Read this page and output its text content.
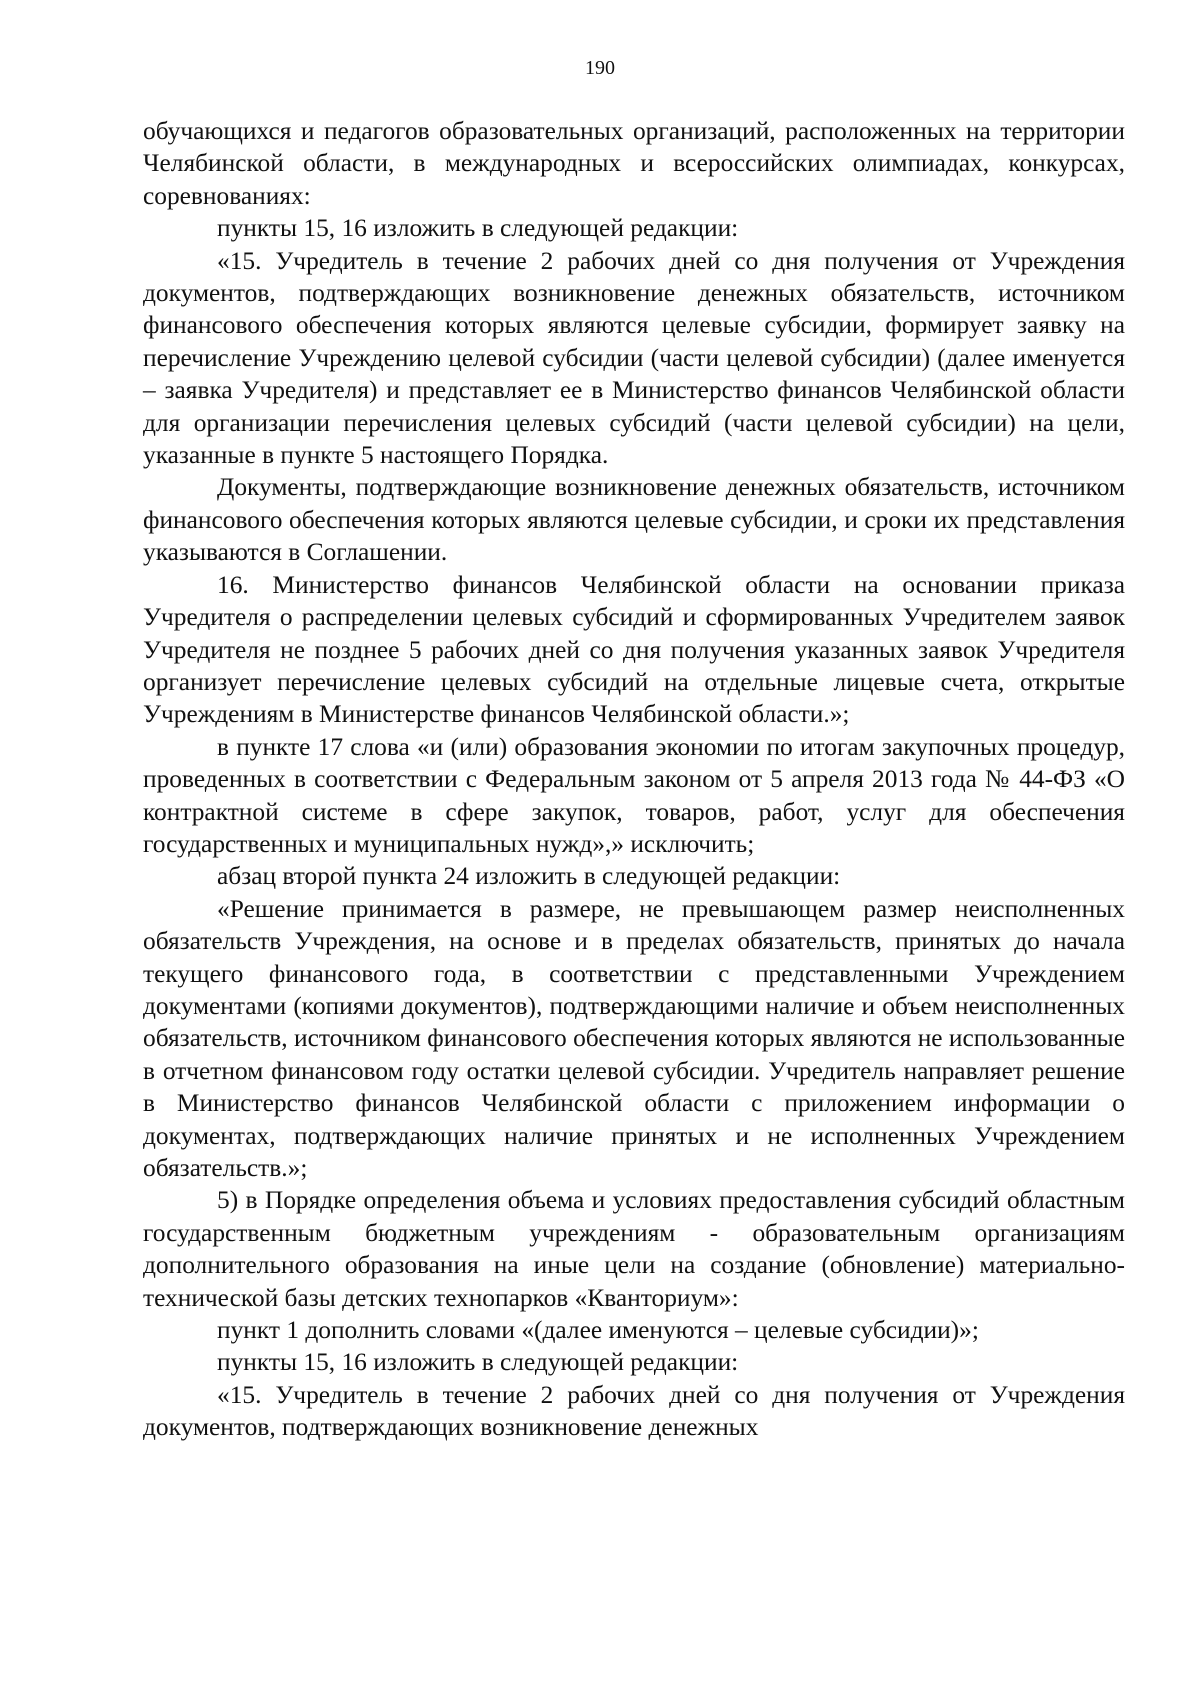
190

обучающихся и педагогов образовательных организаций, расположенных на территории Челябинской области, в международных и всероссийских олимпиадах, конкурсах, соревнованиях:

пункты 15, 16 изложить в следующей редакции:

«15. Учредитель в течение 2 рабочих дней со дня получения от Учреждения документов, подтверждающих возникновение денежных обязательств, источником финансового обеспечения которых являются целевые субсидии, формирует заявку на перечисление Учреждению целевой субсидии (части целевой субсидии) (далее именуется – заявка Учредителя) и представляет ее в Министерство финансов Челябинской области для организации перечисления целевых субсидий (части целевой субсидии) на цели, указанные в пункте 5 настоящего Порядка.

Документы, подтверждающие возникновение денежных обязательств, источником финансового обеспечения которых являются целевые субсидии, и сроки их представления указываются в Соглашении.

16. Министерство финансов Челябинской области на основании приказа Учредителя о распределении целевых субсидий и сформированных Учредителем заявок Учредителя не позднее 5 рабочих дней со дня получения указанных заявок Учредителя организует перечисление целевых субсидий на отдельные лицевые счета, открытые Учреждениям в Министерстве финансов Челябинской области.»;

в пункте 17 слова «и (или) образования экономии по итогам закупочных процедур, проведенных в соответствии с Федеральным законом от 5 апреля 2013 года № 44-ФЗ «О контрактной системе в сфере закупок, товаров, работ, услуг для обеспечения государственных и муниципальных нужд»,» исключить;

абзац второй пункта 24 изложить в следующей редакции:

«Решение принимается в размере, не превышающем размер неисполненных обязательств Учреждения, на основе и в пределах обязательств, принятых до начала текущего финансового года, в соответствии с представленными Учреждением документами (копиями документов), подтверждающими наличие и объем неисполненных обязательств, источником финансового обеспечения которых являются не использованные в отчетном финансовом году остатки целевой субсидии. Учредитель направляет решение в Министерство финансов Челябинской области с приложением информации о документах, подтверждающих наличие принятых и не исполненных Учреждением обязательств.»;

5) в Порядке определения объема и условиях предоставления субсидий областным государственным бюджетным учреждениям - образовательным организациям дополнительного образования на иные цели на создание (обновление) материально-технической базы детских технопарков «Кванториум»:

пункт 1 дополнить словами «(далее именуются – целевые субсидии)»;

пункты 15, 16 изложить в следующей редакции:

«15. Учредитель в течение 2 рабочих дней со дня получения от Учреждения документов, подтверждающих возникновение денежных
